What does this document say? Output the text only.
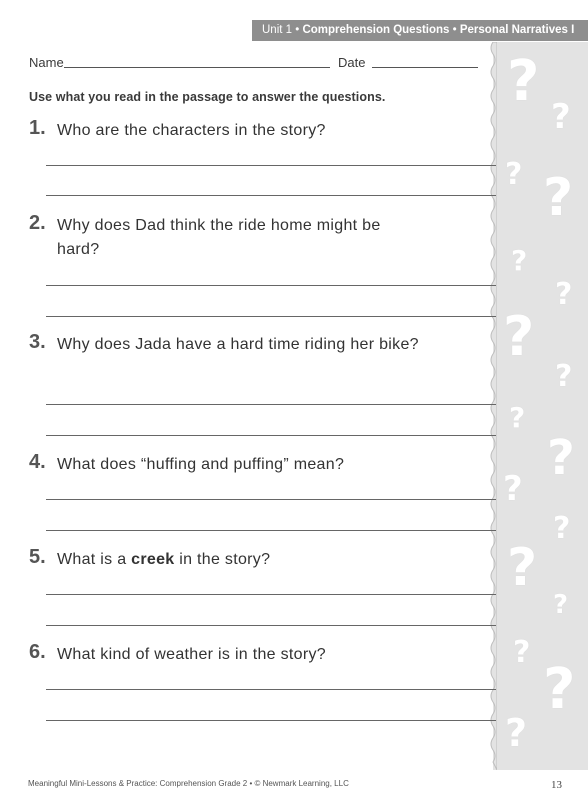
Unit 1 • Comprehension Questions • Personal Narratives I
?
?
? ?
?
?
?
?
?
?
?
?
?
?
?
?
?
Name	Date
Use what you read in the passage to answer the questions.
1. Who are the characters in the story?
2. Why does Dad think the ride home might be hard?
3. Why does Jada have a hard time riding her bike?
4. What does “huffing and puffing” mean?
5. What is a creek in the story?
6. What kind of weather is in the story?
Meaningful Mini-Lessons & Practice: Comprehension Grade 2 • © Newmark Learning, LLC	13
